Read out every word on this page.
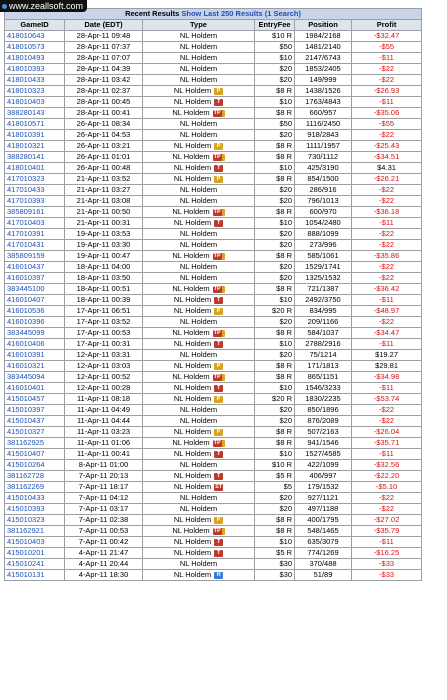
www.zeallsoft.com
Recent Results Show Last 250 Results (1 Search)					
GameID	Date (EDT)	Type	EntryFee	Position	Profit
418010643	28-Apr-11 09:48	NL Holdem	$10 R	1984/2168	-$32.47
418010573	28-Apr-11 07:37	NL Holdem	$50	1481/2140	-$55
418010493	28-Apr-11 07:07	NL Holdem	$10	2147/6743	-$11
418010393	28-Apr-11 04:39	NL Holdem	$20	1853/2405	-$22
418010433	28-Apr-11 03:42	NL Holdem	$20	149/999	-$22
418010323	28-Apr-11 02:37	NL Holdem P	$8 R	1438/1526	-$26.93
418010403	28-Apr-11 00:45	NL Holdem T	$10	1763/4843	-$11
388280143	28-Apr-11 00:41	NL Holdem TP	$8 R	660/957	-$35.06
418010571	26-Apr-11 08:34	NL Holdem	$50	1116/2450	-$55
418010391	26-Apr-11 04:53	NL Holdem	$20	918/2843	-$22
418010321	26-Apr-11 03:21	NL Holdem P	$8 R	1111/1957	-$25.43
388280141	26-Apr-11 01:01	NL Holdem TP	$8 R	730/1112	-$34.51
418010401	26-Apr-11 00:48	NL Holdem T	$10	425/3190	$4.31
417010323	21-Apr-11 03:52	NL Holdem P	$8 R	854/1500	-$26.21
417010433	21-Apr-11 03:27	NL Holdem	$20	286/916	-$22
417010393	21-Apr-11 03:08	NL Holdem	$20	796/1013	-$22
385809161	21-Apr-11 00:50	NL Holdem TP	$8 R	600/970	-$36.18
417010403	21-Apr-11 00:31	NL Holdem T	$10	1054/2480	-$11
417010391	19-Apr-11 03:53	NL Holdem	$20	888/1099	-$22
417010431	19-Apr-11 03:30	NL Holdem	$20	273/996	-$22
385809159	19-Apr-11 00:47	NL Holdem TP	$8 R	585/1061	-$35.86
416010437	18-Apr-11 04:00	NL Holdem	$20	1529/1741	-$22
416010397	18-Apr-11 03:50	NL Holdem	$20	1325/1532	-$22
383445100	18-Apr-11 00:51	NL Holdem TP	$8 R	721/1387	-$36.42
416010407	18-Apr-11 00:39	NL Holdem T	$10	2492/3750	-$11
416010536	17-Apr-11 06:51	NL Holdem P	$20 R	834/995	-$48.97
416010396	17-Apr-11 03:52	NL Holdem	$20	209/1166	-$22
383445099	17-Apr-11 00:53	NL Holdem TP	$8 R	584/1037	-$34.47
416010406	17-Apr-11 00:31	NL Holdem T	$10	2788/2916	-$11
416010391	12-Apr-11 03:31	NL Holdem	$20	75/1214	$19.27
416010321	12-Apr-11 03:03	NL Holdem P	$8 R	171/1813	$29.81
383445094	12-Apr-11 00:52	NL Holdem TP	$8 R	865/1151	-$34.98
416010401	12-Apr-11 00:28	NL Holdem T	$10	1546/3233	-$11
415010457	11-Apr-11 08:18	NL Holdem P	$20 R	1830/2235	-$53.74
415010397	11-Apr-11 04:49	NL Holdem	$20	850/1896	-$22
415010437	11-Apr-11 04:44	NL Holdem	$20	876/2089	-$22
415010327	11-Apr-11 03:23	NL Holdem P	$8 R	507/2163	-$26.04
381162925	11-Apr-11 01:06	NL Holdem TP	$8 R	941/1546	-$35.71
415010407	11-Apr-11 00:41	NL Holdem T	$10	1527/4585	-$11
415010264	8-Apr-11 01:00	NL Holdem	$10 R	422/1099	-$32.56
381162728	7-Apr-11 20:13	NL Holdem T	$5 R	406/997	-$22.20
381162269	7-Apr-11 18:17	NL Holdem ST	$5	179/1532	-$5.10
415010433	7-Apr-11 04:12	NL Holdem	$20	927/1121	-$22
415010393	7-Apr-11 03:17	NL Holdem	$20	497/1188	-$22
415010323	7-Apr-11 02:38	NL Holdem P	$8 R	400/1795	-$27.02
381162921	7-Apr-11 00:53	NL Holdem TP	$8 R	548/1465	-$35.79
415010403	7-Apr-11 00:42	NL Holdem T	$10	635/3079	-$11
415010201	4-Apr-11 21:47	NL Holdem T	$5 R	774/1269	-$16.25
415010241	4-Apr-11 20:44	NL Holdem	$30	370/488	-$33
415010131	4-Apr-11 18:30	NL Holdem H	$30	51/89	-$33
